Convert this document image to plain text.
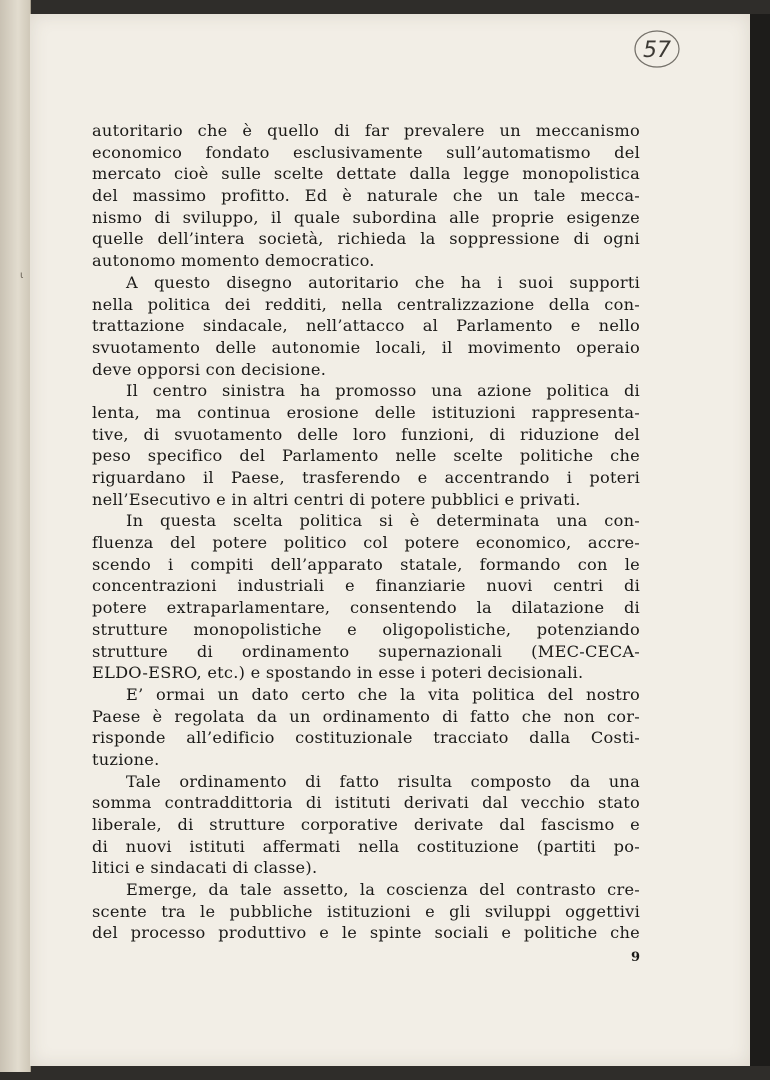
57
ι
autoritario che è quello di far prevalere un meccanismo
economico fondato esclusivamente sull’automatismo del
mercato cioè sulle scelte dettate dalla legge monopolistica
del massimo profitto. Ed è naturale che un tale mecca-
nismo di sviluppo, il quale subordina alle proprie esigenze
quelle dell’intera società, richieda la soppressione di ogni
autonomo momento democratico.
A questo disegno autoritario che ha i suoi supporti
nella politica dei redditi, nella centralizzazione della con-
trattazione sindacale, nell’attacco al Parlamento e nello
svuotamento delle autonomie locali, il movimento operaio
deve opporsi con decisione.
Il centro sinistra ha promosso una azione politica di
lenta, ma continua erosione delle istituzioni rappresenta-
tive, di svuotamento delle loro funzioni, di riduzione del
peso specifico del Parlamento nelle scelte politiche che
riguardano il Paese, trasferendo e accentrando i poteri
nell’Esecutivo e in altri centri di potere pubblici e privati.
In questa scelta politica si è determinata una con-
fluenza del potere politico col potere economico, accre-
scendo i compiti dell’apparato statale, formando con le
concentrazioni industriali e finanziarie nuovi centri di
potere extraparlamentare, consentendo la dilatazione di
strutture monopolistiche e oligopolistiche, potenziando
strutture di ordinamento supernazionali (MEC-CECA-
ELDO-ESRO, etc.) e spostando in esse i poteri decisionali.
E’ ormai un dato certo che la vita politica del nostro
Paese è regolata da un ordinamento di fatto che non cor-
risponde all’edificio costituzionale tracciato dalla Costi-
tuzione.
Tale ordinamento di fatto risulta composto da una
somma contraddittoria di istituti derivati dal vecchio stato
liberale, di strutture corporative derivate dal fascismo e
di nuovi istituti affermati nella costituzione (partiti po-
litici e sindacati di classe).
Emerge, da tale assetto, la coscienza del contrasto cre-
scente tra le pubbliche istituzioni e gli sviluppi oggettivi
del processo produttivo e le spinte sociali e politiche che
9
